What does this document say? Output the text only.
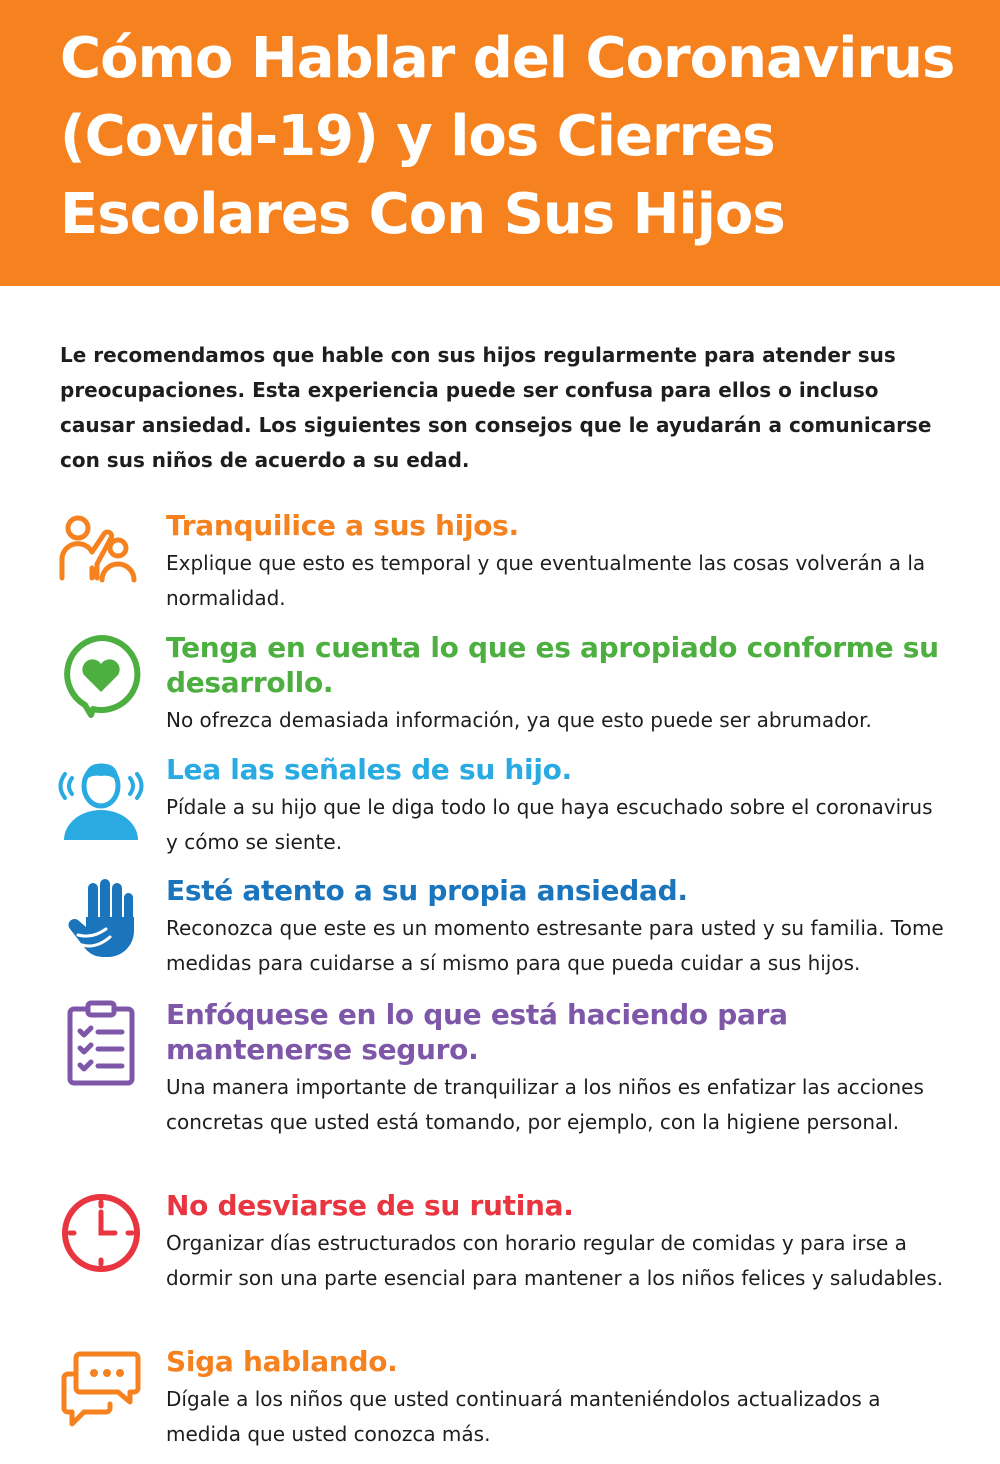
Cómo Hablar del Coronavirus
(Covid-19) y los Cierres
Escolares Con Sus Hijos

Le recomendamos que hable con sus hijos regularmente para atender sus preocupaciones. Esta experiencia puede ser confusa para ellos o incluso causar ansiedad. Los siguientes son consejos que le ayudarán a comunicarse con sus niños de acuerdo a su edad.

Tranquilice a sus hijos.

Explique que esto es temporal y que eventualmente las cosas volverán a la normalidad.

Tenga en cuenta lo que es apropiado conforme su desarrollo.

No ofrezca demasiada información, ya que esto puede ser abrumador.

Lea las señales de su hijo.

Pídale a su hijo que le diga todo lo que haya escuchado sobre el coronavirus y cómo se siente.

Esté atento a su propia ansiedad.

Reconozca que este es un momento estresante para usted y su familia. Tome medidas para cuidarse a sí mismo para que pueda cuidar a sus hijos.

Enfóquese en lo que está haciendo para mantenerse seguro.

Una manera importante de tranquilizar a los niños es enfatizar las acciones concretas que usted está tomando, por ejemplo, con la higiene personal.

No desviarse de su rutina.

Organizar días estructurados con horario regular de comidas y para irse a dormir son una parte esencial para mantener a los niños felices y saludables.

Siga hablando.

Dígale a los niños que usted continuará manteniéndolos actualizados a medida que usted conozca más.
